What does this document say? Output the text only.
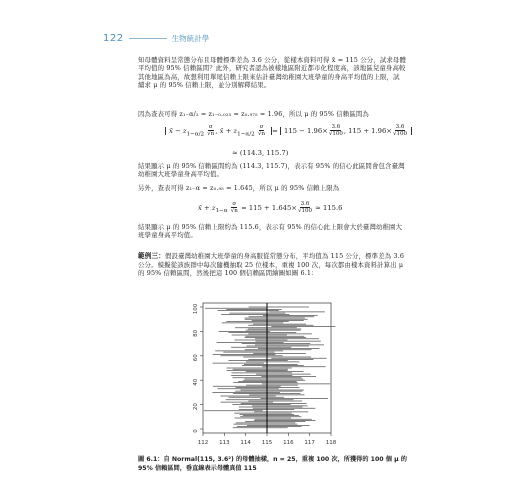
122	生物統計學

知母體資料呈常態分布且母體標準差為 3.6 公分，從樣本資料可得 x̄ = 115 公分，試求母體平均值的 95% 信賴區間？此外，研究者認為被樣地區附近都市化程度高，該地區兒童身高較其他地區為高，故想利用單尾信賴上限來估計臺灣幼稚園大班學童的身高平均值的上限，試續求 μ 的 95% 信賴上限，並分別解釋結果。

因為查表可得 z₁₋α/₂ = z₁₋₀.₀₂₅ = z₀.₉₇₅ = 1.96，所以 μ 的 95% 信賴區間為

x̄ − $z_{1-\alpha/2} \frac{\sigma}{√n}$ , x̄ + $z_{1-\alpha/2} \frac{\sigma}{√n} = 115 - 1.96\times \frac{3.6}{√100}$ , $115 + 1.96\times \frac{3.6}{√100}$
≈ (114.3, 115.7)

結果顯示 μ 的 95% 信賴區間約為 (114.3, 115.7)，表示有 95% 的信心此區間會包含臺灣幼稚園大班學童身高平均值。

另外，查表可得 z₁₋α = z₀.₉₅ = 1.645，所以 μ 的 95% 信賴上限為

x̄ + $z_{1-\alpha} \frac{\sigma}{√n} = 115 + 1.645\times \frac{3.6}{√100} \approx 115.6$

結果顯示 μ 的 95% 信賴上限約為 115.6，表示有 95% 的信心此上限會大於臺灣幼稚園大班學童身高平均值。

範例三：假設臺灣幼稚園大班學童的身高服從常態分布，平均值為 115 公分，標準差為 3.6 公分。模擬從該族群中每次隨機抽取 25 位樣本，重複 100 次，每次都由樣本資料計算出 μ 的 95% 信賴區間，然後把這 100 個信賴區間繪圖如圖 6.1：

112 113 114 115 116 117 118
0
20
40
60
80
100
圖 6.1：自 Normal(115, 3.6²) 的母體抽樣，n = 25，重複 100 次，所獲得的 100 個 μ 的 95% 信賴區間，垂直線表示母體真值 115
